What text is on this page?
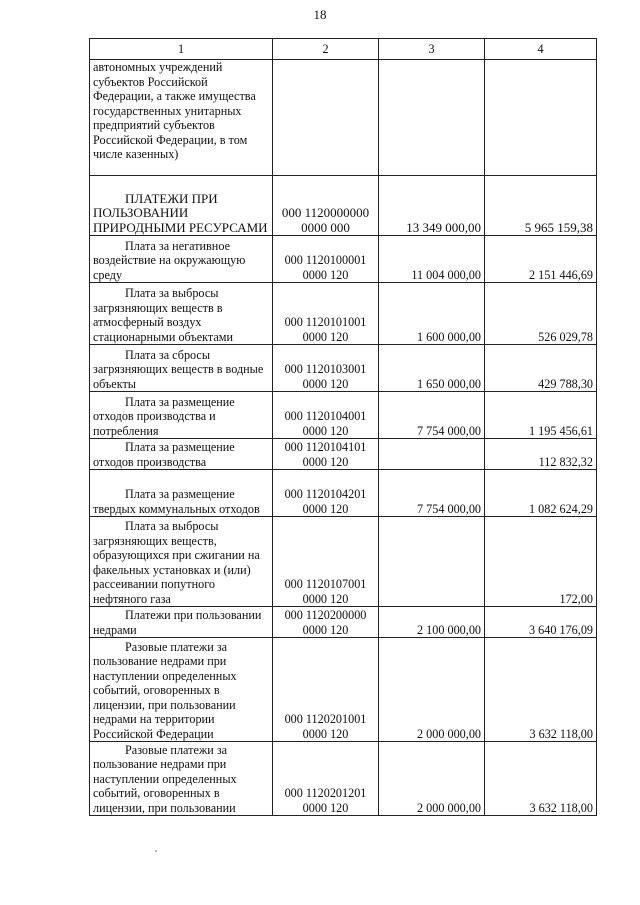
18
1	2	3	4
автономных учреждений субъектов Российской Федерации, а также имущества государственных унитарных предприятий субъектов Российской Федерации, в том числе казенных)			
ПЛАТЕЖИ ПРИ ПОЛЬЗОВАНИИ ПРИРОДНЫМИ РЕСУРСАМИ	000 1120000000 0000 000	13 349 000,00	5 965 159,38
Плата за негативное воздействие на окружающую среду	000 1120100001 0000 120	11 004 000,00	2 151 446,69
Плата за выбросы загрязняющих веществ в атмосферный воздух стационарными объектами	000 1120101001 0000 120	1 600 000,00	526 029,78
Плата за сбросы загрязняющих веществ в водные объекты	000 1120103001 0000 120	1 650 000,00	429 788,30
Плата за размещение отходов производства и потребления	000 1120104001 0000 120	7 754 000,00	1 195 456,61
Плата за размещение отходов производства	000 1120104101 0000 120		112 832,32
Плата за размещение твердых коммунальных отходов	000 1120104201 0000 120	7 754 000,00	1 082 624,29
Плата за выбросы загрязняющих веществ, образующихся при сжигании на факельных установках и (или) рассеивании попутного нефтяного газа	000 1120107001 0000 120		172,00
Платежи при пользовании недрами	000 1120200000 0000 120	2 100 000,00	3 640 176,09
Разовые платежи за пользование недрами при наступлении определенных событий, оговоренных в лицензии, при пользовании недрами на территории Российской Федерации	000 1120201001 0000 120	2 000 000,00	3 632 118,00
Разовые платежи за пользование недрами при наступлении определенных событий, оговоренных в лицензии, при пользовании	000 1120201201 0000 120	2 000 000,00	3 632 118,00
